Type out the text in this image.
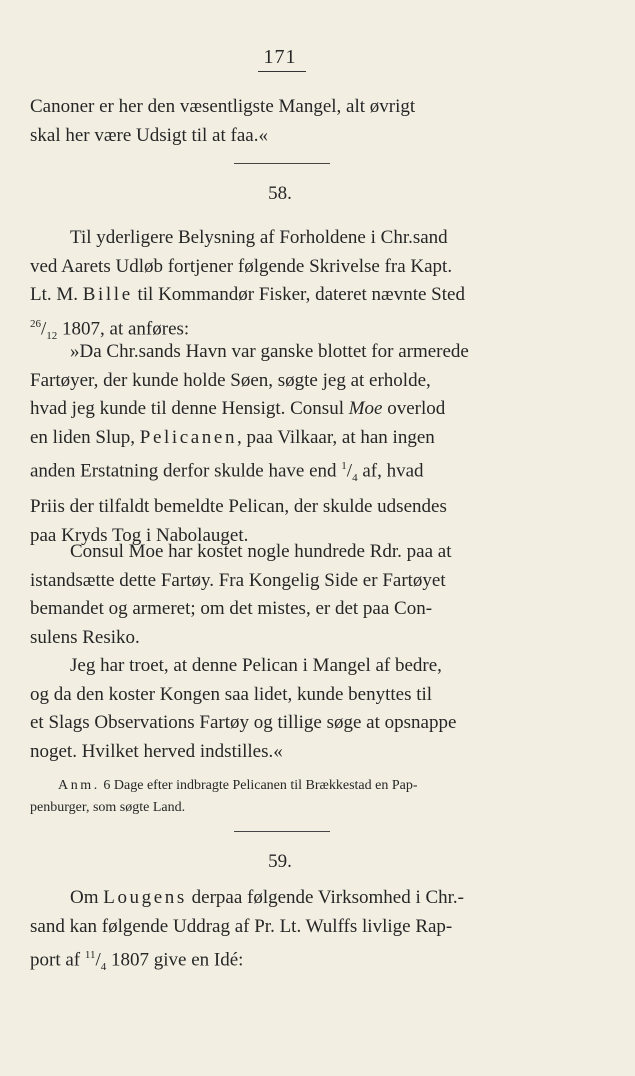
171
Canoner er her den væsentligste Mangel, alt øvrigt
skal her være Udsigt til at faa.«
58.
Til yderligere Belysning af Forholdene i Chr.sand
ved Aarets Udløb fortjener følgende Skrivelse fra Kapt.
Lt. M. Bille til Kommandør Fisker, dateret nævnte Sted
$^{26}/_{12}$ 1807, at anføres:
»Da Chr.sands Havn var ganske blottet for armerede
Fartøyer, der kunde holde Søen, søgte jeg at erholde,
hvad jeg kunde til denne Hensigt. Consul Moe overlod
en liden Slup, Pelicanen, paa Vilkaar, at han ingen
anden Erstatning derfor skulde have end $^1/_4$ af, hvad
Priis der tilfaldt bemeldte Pelican, der skulde udsendes
paa Kryds Tog i Nabolauget.
Consul Moe har kostet nogle hundrede Rdr. paa at
istandsætte dette Fartøy. Fra Kongelig Side er Fartøyet
bemandet og armeret; om det mistes, er det paa Con-
sulens Resiko.
Jeg har troet, at denne Pelican i Mangel af bedre,
og da den koster Kongen saa lidet, kunde benyttes til
et Slags Observations Fartøy og tillige søge at opsnappe
noget. Hvilket herved indstilles.«
Anm. 6 Dage efter indbragte Pelicanen til Brækkestad en Pap-
penburger, som søgte Land.
59.
Om Lougens derpaa følgende Virksomhed i Chr.-
sand kan følgende Uddrag af Pr. Lt. Wulffs livlige Rap-
port af $^{11}/_4$ 1807 give en Idé:
